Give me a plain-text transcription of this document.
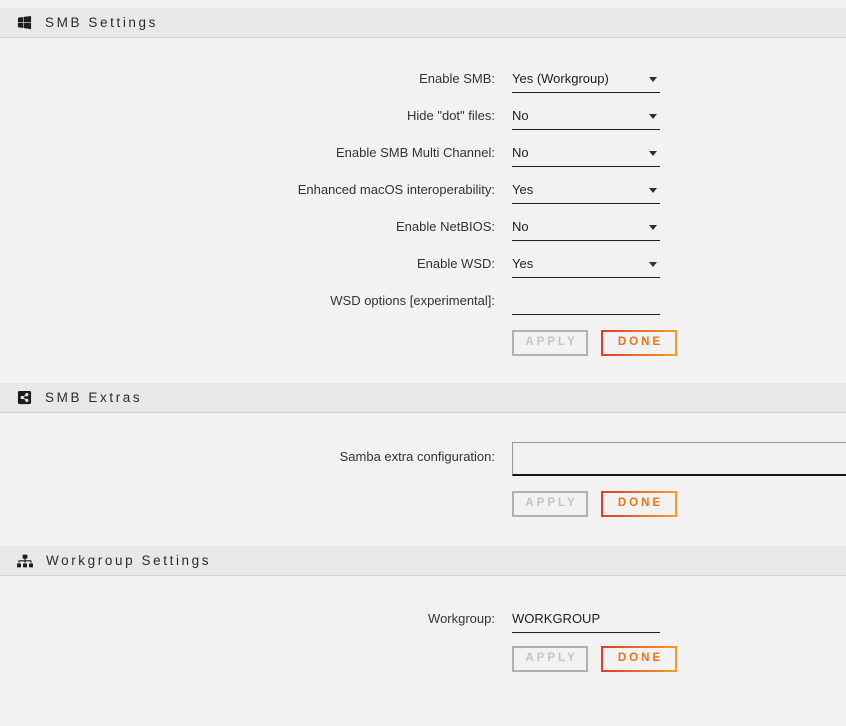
SMB Settings
Enable SMB: Yes (Workgroup)
Hide "dot" files: No
Enable SMB Multi Channel: No
Enhanced macOS interoperability: Yes
Enable NetBIOS: No
Enable WSD: Yes
WSD options [experimental]:
APPLY	DONE
SMB Extras
Samba extra configuration:
APPLY	DONE
Workgroup Settings
Workgroup:
WORKGROUP
APPLY	DONE
